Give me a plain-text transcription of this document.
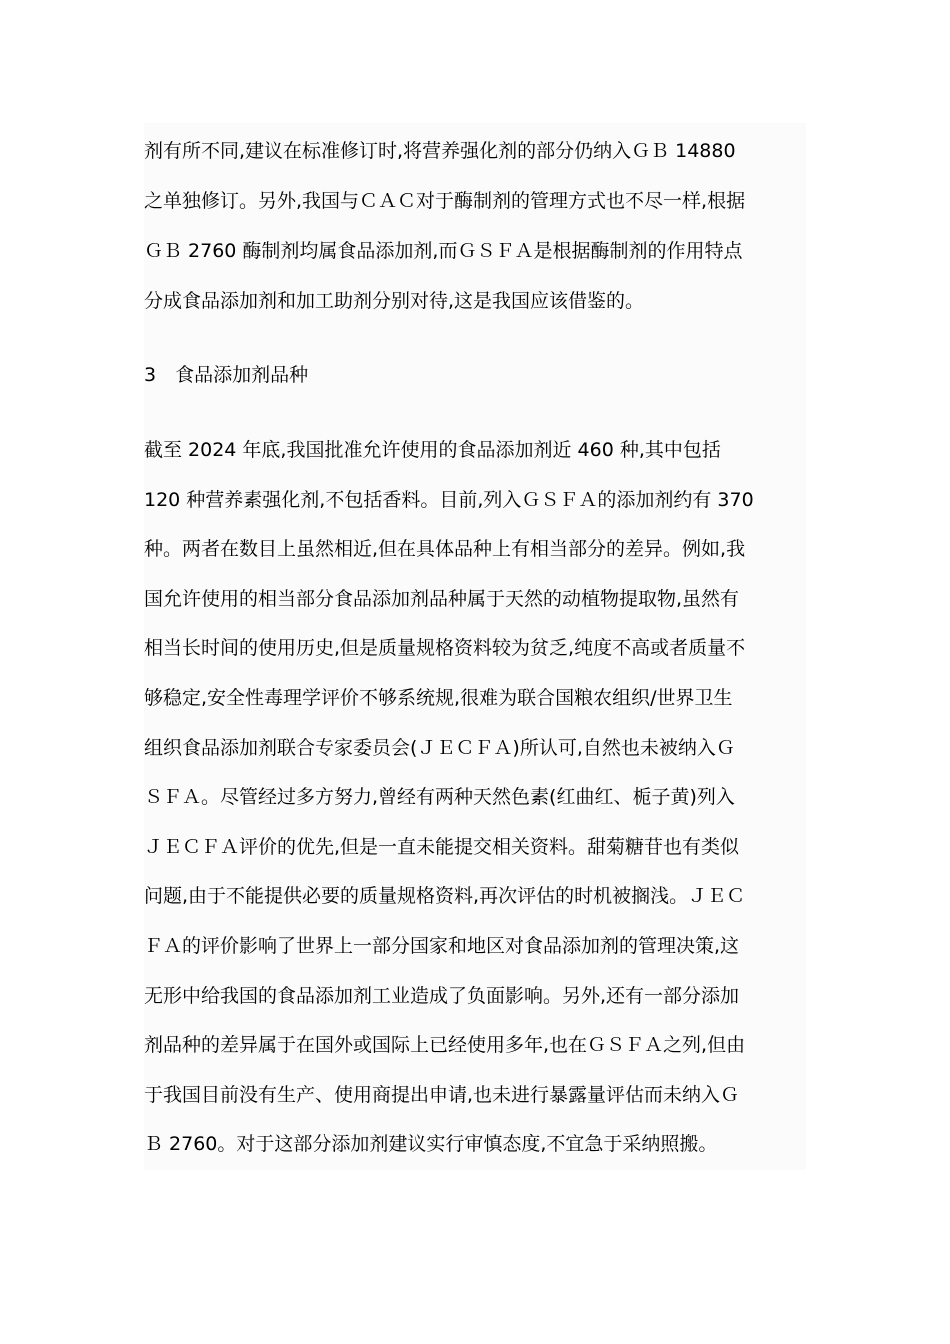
剂有所不同,建议在标准修订时,将营养强化剂的部分仍纳入ＧＢ 14880
之单独修订。另外,我国与ＣＡＣ对于酶制剂的管理方式也不尽一样,根据
ＧＢ 2760 酶制剂均属食品添加剂,而ＧＳＦＡ是根据酶制剂的作用特点
分成食品添加剂和加工助剂分别对待,这是我国应该借鉴的。
3　食品添加剂品种
截至 2024 年底,我国批准允许使用的食品添加剂近 460 种,其中包括
120 种营养素强化剂,不包括香料。目前,列入ＧＳＦＡ的添加剂约有 370
种。两者在数目上虽然相近,但在具体品种上有相当部分的差异。例如,我
国允许使用的相当部分食品添加剂品种属于天然的动植物提取物,虽然有
相当长时间的使用历史,但是质量规格资料较为贫乏,纯度不高或者质量不
够稳定,安全性毒理学评价不够系统规,很难为联合国粮农组织/世界卫生
组织食品添加剂联合专家委员会(ＪＥＣＦＡ)所认可,自然也未被纳入Ｇ
ＳＦＡ。尽管经过多方努力,曾经有两种天然色素(红曲红、栀子黄)列入
ＪＥＣＦＡ评价的优先,但是一直未能提交相关资料。甜菊糖苷也有类似
问题,由于不能提供必要的质量规格资料,再次评估的时机被搁浅。ＪＥＣ
ＦＡ的评价影响了世界上一部分国家和地区对食品添加剂的管理决策,这
无形中给我国的食品添加剂工业造成了负面影响。另外,还有一部分添加
剂品种的差异属于在国外或国际上已经使用多年,也在ＧＳＦＡ之列,但由
于我国目前没有生产、使用商提出申请,也未进行暴露量评估而未纳入Ｇ
Ｂ 2760。对于这部分添加剂建议实行审慎态度,不宜急于采纳照搬。
